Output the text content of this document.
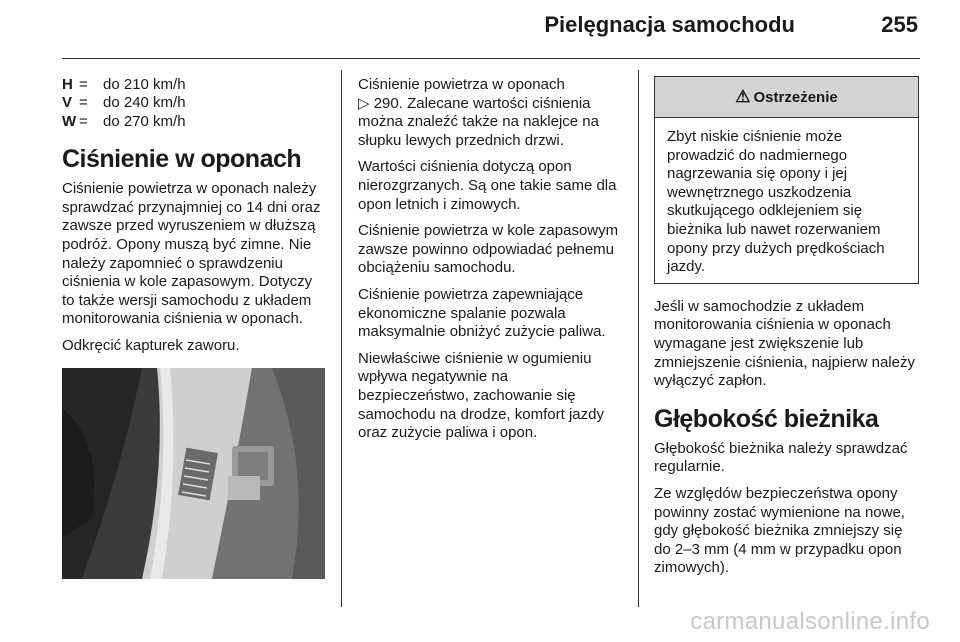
Pielęgnacja samochodu	255
H =	do 210 km/h
V =	do 240 km/h
W =	do 270 km/h
Ciśnienie w oponach

Ciśnienie powietrza w oponach należy sprawdzać przynajmniej co 14 dni oraz zawsze przed wyruszeniem w dłuższą podróż. Opony muszą być zimne. Nie należy zapomnieć o sprawdzeniu ciśnienia w kole zapasowym. Dotyczy to także wersji samochodu z układem monitorowania ciśnienia w oponach.

Odkręcić kapturek zaworu.

Ciśnienie powietrza w oponach
▷ 290. Zalecane wartości ciśnienia można znaleźć także na naklejce na słupku lewych przednich drzwi.

Wartości ciśnienia dotyczą opon nierozgrzanych. Są one takie same dla opon letnich i zimowych.

Ciśnienie powietrza w kole zapasowym zawsze powinno odpowiadać pełnemu obciążeniu samochodu.

Ciśnienie powietrza zapewniające ekonomiczne spalanie pozwala maksymalnie obniżyć zużycie paliwa.

Niewłaściwe ciśnienie w ogumieniu wpływa negatywnie na bezpieczeństwo, zachowanie się samochodu na drodze, komfort jazdy oraz zużycie paliwa i opon.

⚠ Ostrzeżenie

Zbyt niskie ciśnienie może prowadzić do nadmiernego nagrzewania się opony i jej wewnętrznego uszkodzenia skutkującego odklejeniem się bieżnika lub nawet rozerwaniem opony przy dużych prędkościach jazdy.

Jeśli w samochodzie z układem monitorowania ciśnienia w oponach wymagane jest zwiększenie lub zmniejszenie ciśnienia, najpierw należy wyłączyć zapłon.

Głębokość bieżnika

Głębokość bieżnika należy sprawdzać regularnie.

Ze względów bezpieczeństwa opony powinny zostać wymienione na nowe, gdy głębokość bieżnika zmniejszy się do 2–3 mm (4 mm w przypadku opon zimowych).

carmanualsonline.info
